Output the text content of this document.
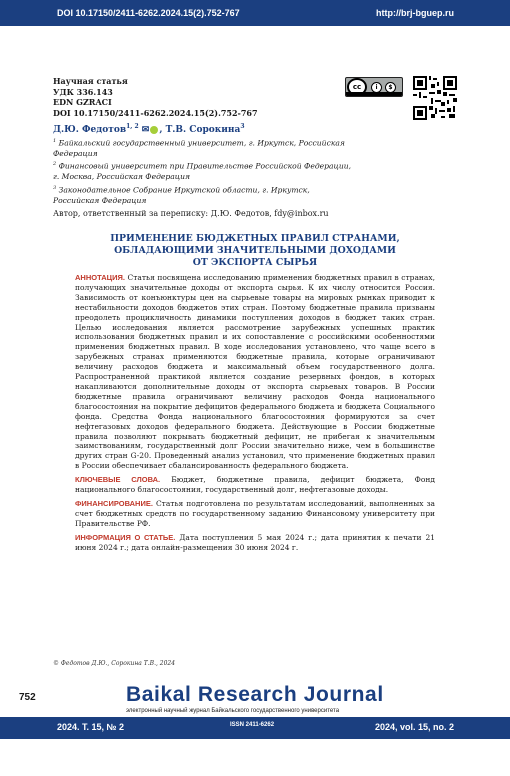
DOI 10.17150/2411-6262.2024.15(2).752-767	http://brj-bguep.ru
Научная статья
УДК 336.143
EDN GZRACI
DOI 10.17150/2411-6262.2024.15(2).752-767
cc	i	$
Д.Ю. Федотов$^{1, 2}$ ✉ , Т.В. Сорокина$^3$
$^1$ Байкальский государственный университет, г. Иркутск, Российская Федерация
$^2$ Финансовый университет при Правительстве Российской Федерации, г. Москва, Российская Федерация
$^3$ Законодательное Собрание Иркутской области, г. Иркутск, Российская Федерация
Автор, ответственный за переписку: Д.Ю. Федотов, fdy@inbox.ru
ПРИМЕНЕНИЕ БЮДЖЕТНЫХ ПРАВИЛ СТРАНАМИ,
ОБЛАДАЮЩИМИ ЗНАЧИТЕЛЬНЫМИ ДОХОДАМИ
ОТ ЭКСПОРТА СЫРЬЯ

АННОТАЦИЯ. Статья посвящена исследованию применения бюджетных правил в странах, получающих значительные доходы от экспорта сырья. К их числу относится Россия. Зависимость от конъюнктуры цен на сырьевые товары на мировых рынках приводит к нестабильности доходов бюджетов этих стран. Поэтому бюджетные правила призваны преодолеть процикличность динамики поступления доходов в бюджет таких стран. Целью исследования является рассмотрение зарубежных успешных практик использования бюджетных правил и их сопоставление с российскими особенностями применения бюджетных правил. В ходе исследования установлено, что чаще всего в зарубежных странах применяются бюджетные правила, которые ограничивают величину расходов бюджета и максимальный объем государственного долга. Распространенной практикой является создание резервных фондов, в которых накапливаются дополнительные доходы от экспорта сырьевых товаров. В России бюджетные правила ограничивают величину расходов Фонда национального благосостояния на покрытие дефицитов федерального бюджета и бюджета Социального фонда. Средства Фонда национального благосостояния формируются за счет нефтегазовых доходов федерального бюджета. Действующие в России бюджетные правила позволяют покрывать бюджетный дефицит, не прибегая к значительным заимствованиям, государственный долг России значительно ниже, чем в большинстве других стран G-20. Проведенный анализ установил, что применение бюджетных правил в России обеспечивает сбалансированность федерального бюджета.

КЛЮЧЕВЫЕ СЛОВА. Бюджет, бюджетные правила, дефицит бюджета, Фонд национального благосостояния, государственный долг, нефтегазовые доходы.

ФИНАНСИРОВАНИЕ. Статья подготовлена по результатам исследований, выполненных за счет бюджетных средств по государственному заданию Финансовому университету при Правительстве РФ.

ИНФОРМАЦИЯ О СТАТЬЕ. Дата поступления 5 мая 2024 г.; дата принятия к печати 21 июня 2024 г.; дата онлайн-размещения 30 июня 2024 г.

© Федотов Д.Ю., Сорокина Т.В., 2024
752	Baikal Research Journal
электронный научный журнал Байкальского государственного университета
2024. Т. 15, № 2	ISSN 2411-6262	2024, vol. 15, no. 2
